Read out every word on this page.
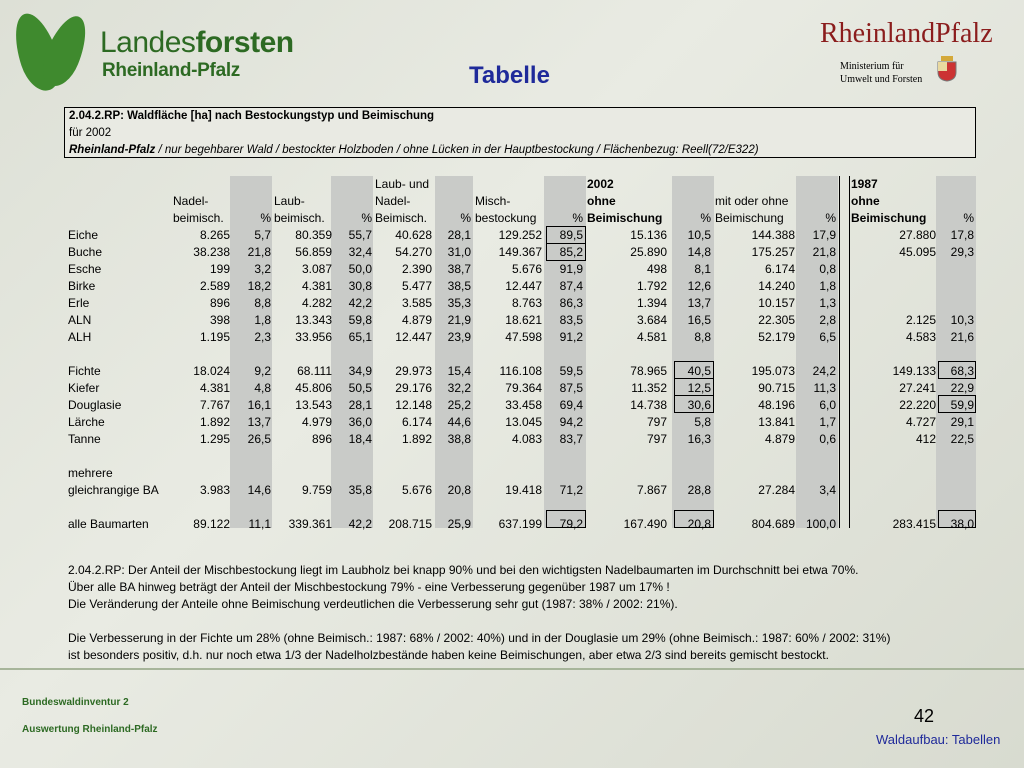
Landesforsten
Rheinland-Pfalz
RheinlandPfalz
Ministerium für
Umwelt und Forsten
Tabelle
2.04.2.RP: Waldfläche [ha] nach Bestockungstyp und Beimischung
für 2002
Rheinland-Pfalz / nur begehbarer Wald / bestockter Holzboden / ohne Lücken in der Hauptbestockung / Flächenbezug: Reell(72/E322)
Laub- und	2002	1987
Nadel-	Laub-	Nadel-	Misch-	ohne	mit oder ohne	ohne
beimisch.	% beimisch.	% Beimisch.	% bestockung	% Beimischung	% Beimischung	% Beimischung	%
Eiche	8.265	5,7	80.359	55,7	40.628	28,1	129.252	89,5	15.136	10,5	144.388	17,9	27.880	17,8
Buche	38.238	21,8	56.859	32,4	54.270	31,0	149.367	85,2	25.890	14,8	175.257	21,8	45.095	29,3
Esche	199	3,2	3.087	50,0	2.390	38,7	5.676	91,9	498	8,1	6.174	0,8
Birke	2.589	18,2	4.381	30,8	5.477	38,5	12.447	87,4	1.792	12,6	14.240	1,8
Erle	896	8,8	4.282	42,2	3.585	35,3	8.763	86,3	1.394	13,7	10.157	1,3
ALN	398	1,8	13.343	59,8	4.879	21,9	18.621	83,5	3.684	16,5	22.305	2,8	2.125	10,3
ALH	1.195	2,3	33.956	65,1	12.447	23,9	47.598	91,2	4.581	8,8	52.179	6,5	4.583	21,6
Fichte	18.024	9,2	68.111	34,9	29.973	15,4	116.108	59,5	78.965	40,5	195.073	24,2	149.133	68,3
Kiefer	4.381	4,8	45.806	50,5	29.176	32,2	79.364	87,5	11.352	12,5	90.715	11,3	27.241	22,9
Douglasie	7.767	16,1	13.543	28,1	12.148	25,2	33.458	69,4	14.738	30,6	48.196	6,0	22.220	59,9
Lärche	1.892	13,7	4.979	36,0	6.174	44,6	13.045	94,2	797	5,8	13.841	1,7	4.727	29,1
Tanne	1.295	26,5	896	18,4	1.892	38,8	4.083	83,7	797	16,3	4.879	0,6	412	22,5
mehrere
gleichrangige BA	3.983	14,6	9.759	35,8	5.676	20,8	19.418	71,2	7.867	28,8	27.284	3,4
alle Baumarten	89.122	11,1	339.361	42,2	208.715	25,9	637.199	79,2	167.490	20,8	804.689 100,0	283.415	38,0
2.04.2.RP: Der Anteil der Mischbestockung liegt im Laubholz bei knapp 90% und bei den wichtigsten Nadelbaumarten im Durchschnitt bei etwa 70%.
Über alle BA hinweg beträgt der Anteil der Mischbestockung 79% - eine Verbesserung gegenüber 1987 um 17% !
Die Veränderung der Anteile ohne Beimischung verdeutlichen die Verbesserung sehr gut (1987: 38% / 2002: 21%).
Die Verbesserung in der Fichte um 28% (ohne Beimisch.: 1987: 68% / 2002: 40%) und in der Douglasie um 29% (ohne Beimisch.: 1987: 60% / 2002: 31%)
ist besonders positiv, d.h. nur noch etwa 1/3 der Nadelholzbestände haben keine Beimischungen, aber etwa 2/3 sind bereits gemischt bestockt.
Bundeswaldinventur 2
Auswertung Rheinland-Pfalz
42
Waldaufbau: Tabellen
